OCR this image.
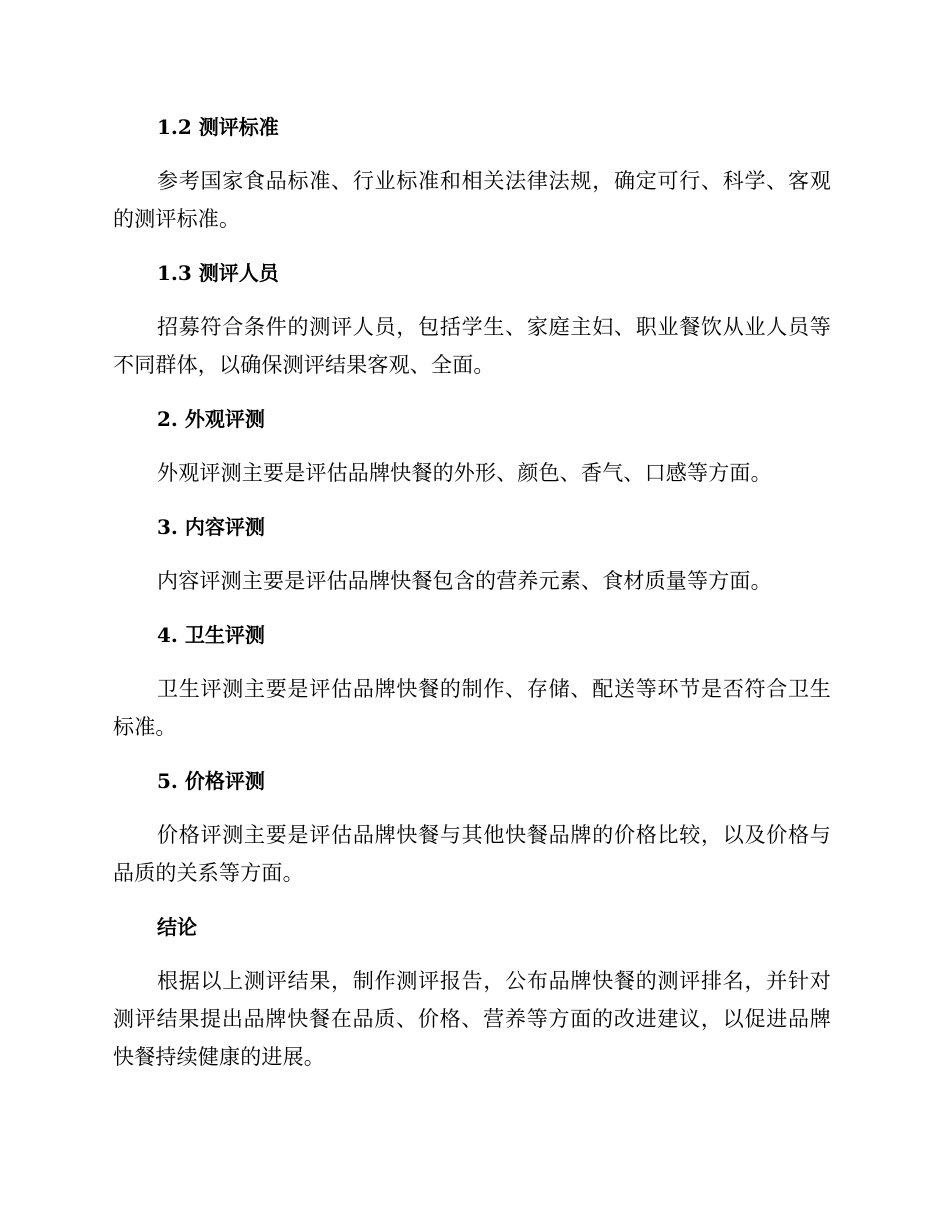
1.2 测评标准

参考国家食品标准、行业标准和相关法律法规，确定可行、科学、客观的测评标准。

1.3 测评人员

招募符合条件的测评人员，包括学生、家庭主妇、职业餐饮从业人员等不同群体，以确保测评结果客观、全面。

2. 外观评测

外观评测主要是评估品牌快餐的外形、颜色、香气、口感等方面。

3. 内容评测

内容评测主要是评估品牌快餐包含的营养元素、食材质量等方面。

4. 卫生评测

卫生评测主要是评估品牌快餐的制作、存储、配送等环节是否符合卫生标准。

5. 价格评测

价格评测主要是评估品牌快餐与其他快餐品牌的价格比较，以及价格与品质的关系等方面。

结论

根据以上测评结果，制作测评报告，公布品牌快餐的测评排名，并针对测评结果提出品牌快餐在品质、价格、营养等方面的改进建议，以促进品牌快餐持续健康的进展。
